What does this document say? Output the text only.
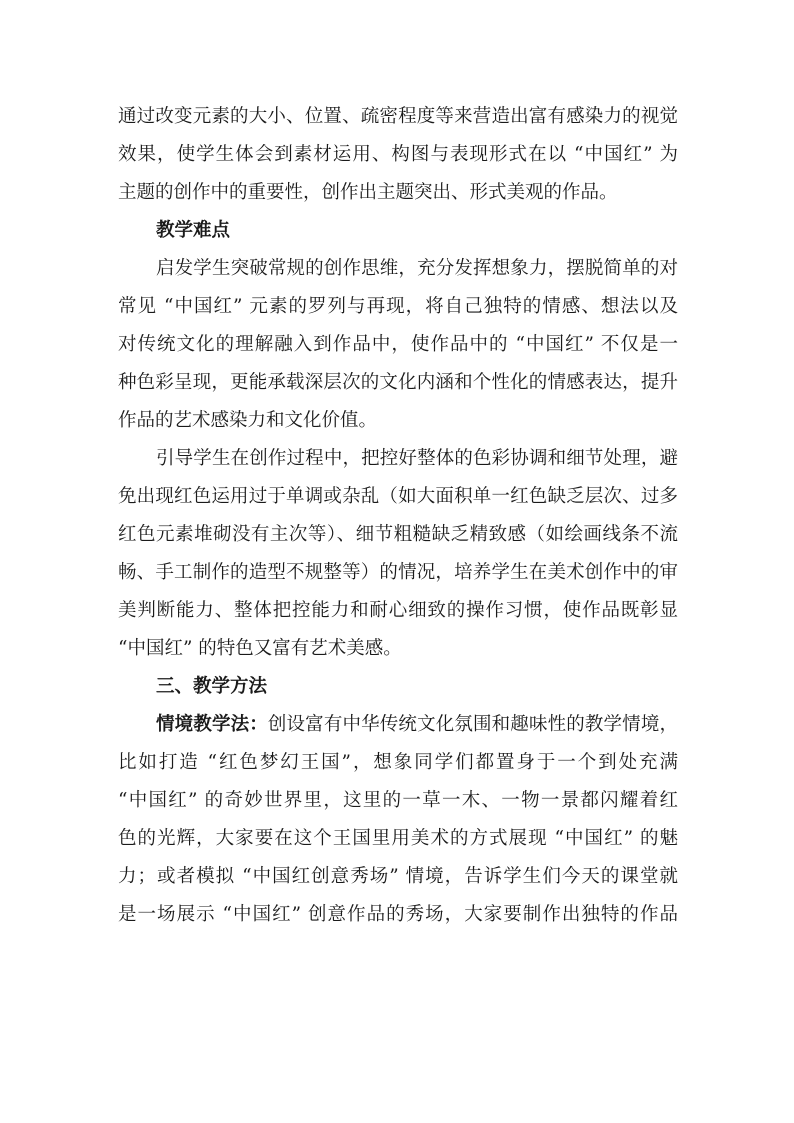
通过改变元素的大小、位置、疏密程度等来营造出富有感染力的视觉
效果，使学生体会到素材运用、构图与表现形式在以 “中国红” 为
主题的创作中的重要性，创作出主题突出、形式美观的作品。
教学难点
启发学生突破常规的创作思维，充分发挥想象力，摆脱简单的对
常见 “中国红” 元素的罗列与再现，将自己独特的情感、想法以及
对传统文化的理解融入到作品中，使作品中的 “中国红” 不仅是一
种色彩呈现，更能承载深层次的文化内涵和个性化的情感表达，提升
作品的艺术感染力和文化价值。
引导学生在创作过程中，把控好整体的色彩协调和细节处理，避
免出现红色运用过于单调或杂乱（如大面积单一红色缺乏层次、过多
红色元素堆砌没有主次等）、细节粗糙缺乏精致感（如绘画线条不流
畅、手工制作的造型不规整等）的情况，培养学生在美术创作中的审
美判断能力、整体把控能力和耐心细致的操作习惯，使作品既彰显
“中国红” 的特色又富有艺术美感。
三、教学方法
情境教学法：创设富有中华传统文化氛围和趣味性的教学情境，
比如打造 “红色梦幻王国”，想象同学们都置身于一个到处充满
“中国红” 的奇妙世界里，这里的一草一木、一物一景都闪耀着红
色的光辉，大家要在这个王国里用美术的方式展现 “中国红” 的魅
力；或者模拟 “中国红创意秀场” 情境，告诉学生们今天的课堂就
是一场展示 “中国红” 创意作品的秀场，大家要制作出独特的作品
